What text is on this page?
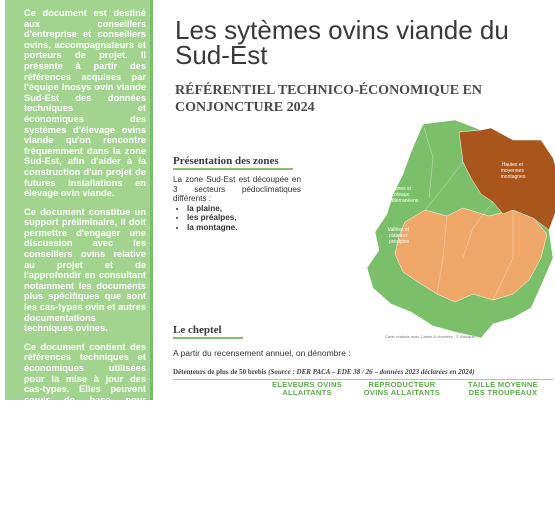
Ce document est destiné aux conseillers d'entreprise et conseillers ovins, accompagnateurs et porteurs de projet. Il présente à partir des références acquises par l'équipe Inosys ovin viande Sud-Est des données techniques et économiques des systèmes d'élevage ovins viande qu'on rencontre fréquemment dans la zone Sud-Est, afin d'aider à la construction d'un projet de futures installations en élevage ovin viande.

Ce document constitue un support préliminaire, il doit permettre d'engager une discussion avec les conseillers ovins relative au projet et de l'approfondir en consultant notamment les documents plus spécifiques que sont les cas-types ovin et autres documentations techniques ovines.

Ce document contient des références techniques et économiques utilisées pour la mise à jour des cas-types. Elles peuvent servir de base pour l'analyse de résultats observés comme pour l'étude de projets (installation, création d'atelier, modification de système, etc.).

Ces références proviennent

Les sytèmes ovins viande du Sud-Est
RÉFÉRENTIEL TECHNICO-ÉCONOMIQUE EN CONJONCTURE 2024
Présentation des zones
La zone Sud-Est est découpée en 3 secteurs pédoclimatiques différents :
• la plaine,
• les préalpes,
• la montagne.
Hautes et moyennes montagnes
Plaines et coteaux méditerranéens
Vallées et plateaux préalpins
Carte réalisée avec Cartes & données - © Articque
Le cheptel
A partir du recensement annuel, on dénombre :
Détenteurs de plus de 50 brebis (Source : DER PACA – EDE 38 / 26 – données 2023 déclarées en 2024)
ELEVEURS OVINS
ALLAITANTS
REPRODUCTEUR
OVINS ALLAITANTS
TAILLE MOYENNE
DES TROUPEAUX
